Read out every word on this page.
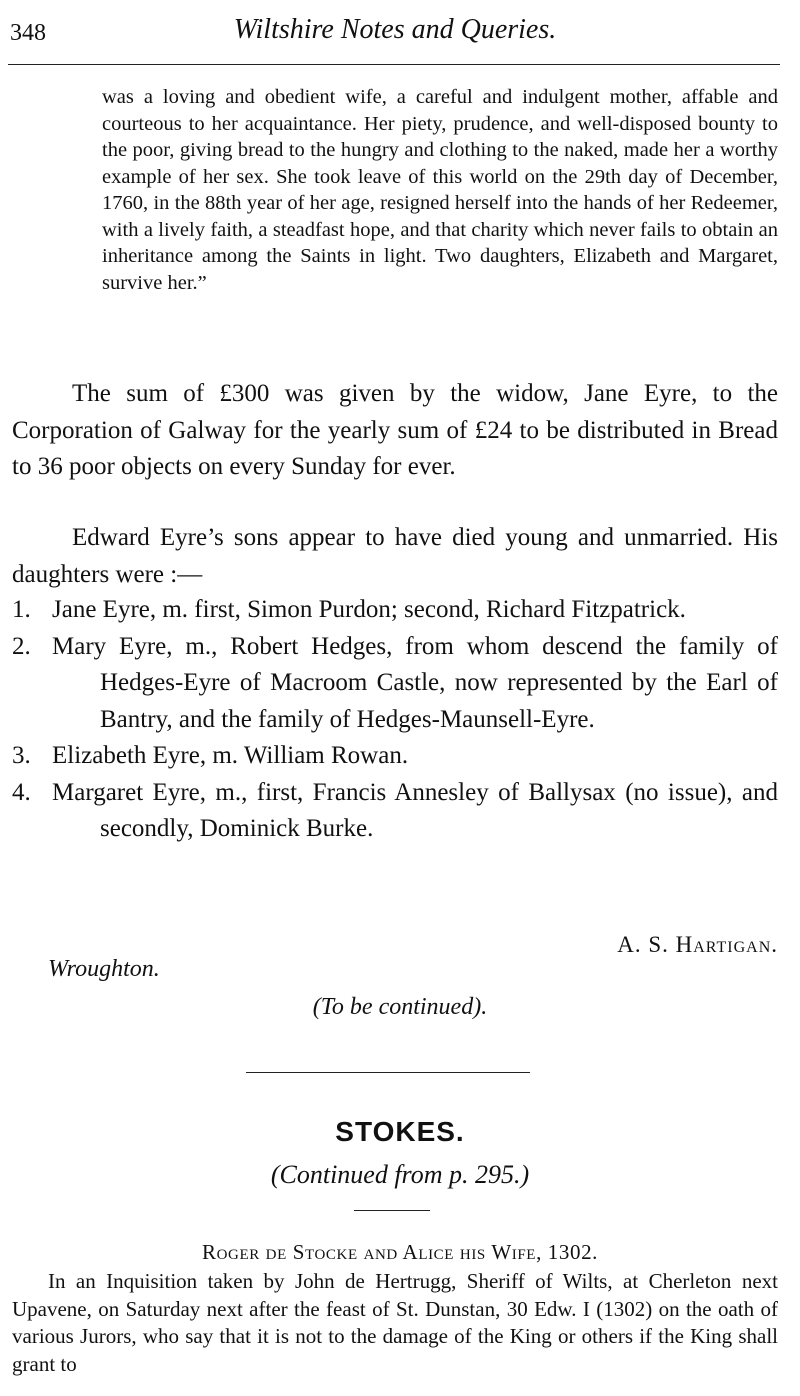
348	Wiltshire Notes and Queries.

was a loving and obedient wife, a careful and indulgent mother, affable and courteous to her acquaintance. Her piety, prudence, and well-disposed bounty to the poor, giving bread to the hungry and clothing to the naked, made her a worthy example of her sex. She took leave of this world on the 29th day of December, 1760, in the 88th year of her age, resigned herself into the hands of her Redeemer, with a lively faith, a steadfast hope, and that charity which never fails to obtain an inheritance among the Saints in light. Two daughters, Elizabeth and Margaret, survive her.”

The sum of £300 was given by the widow, Jane Eyre, to the Corporation of Galway for the yearly sum of £24 to be distributed in Bread to 36 poor objects on every Sunday for ever.

Edward Eyre’s sons appear to have died young and unmarried. His daughters were :—

1. Jane Eyre, m. first, Simon Purdon; second, Richard Fitzpatrick.
2. Mary Eyre, m., Robert Hedges, from whom descend the family of Hedges-Eyre of Macroom Castle, now represented by the Earl of Bantry, and the family of Hedges-Maunsell-Eyre.
3. Elizabeth Eyre, m. William Rowan.
4. Margaret Eyre, m., first, Francis Annesley of Ballysax (no issue), and secondly, Dominick Burke.
A. S. Hartigan.
Wroughton.
(To be continued).
STOKES.
(Continued from p. 295.)
Roger de Stocke and Alice his Wife, 1302.

In an Inquisition taken by John de Hertrugg, Sheriff of Wilts, at Cherleton next Upavene, on Saturday next after the feast of St. Dunstan, 30 Edw. I (1302) on the oath of various Jurors, who say that it is not to the damage of the King or others if the King shall grant to
